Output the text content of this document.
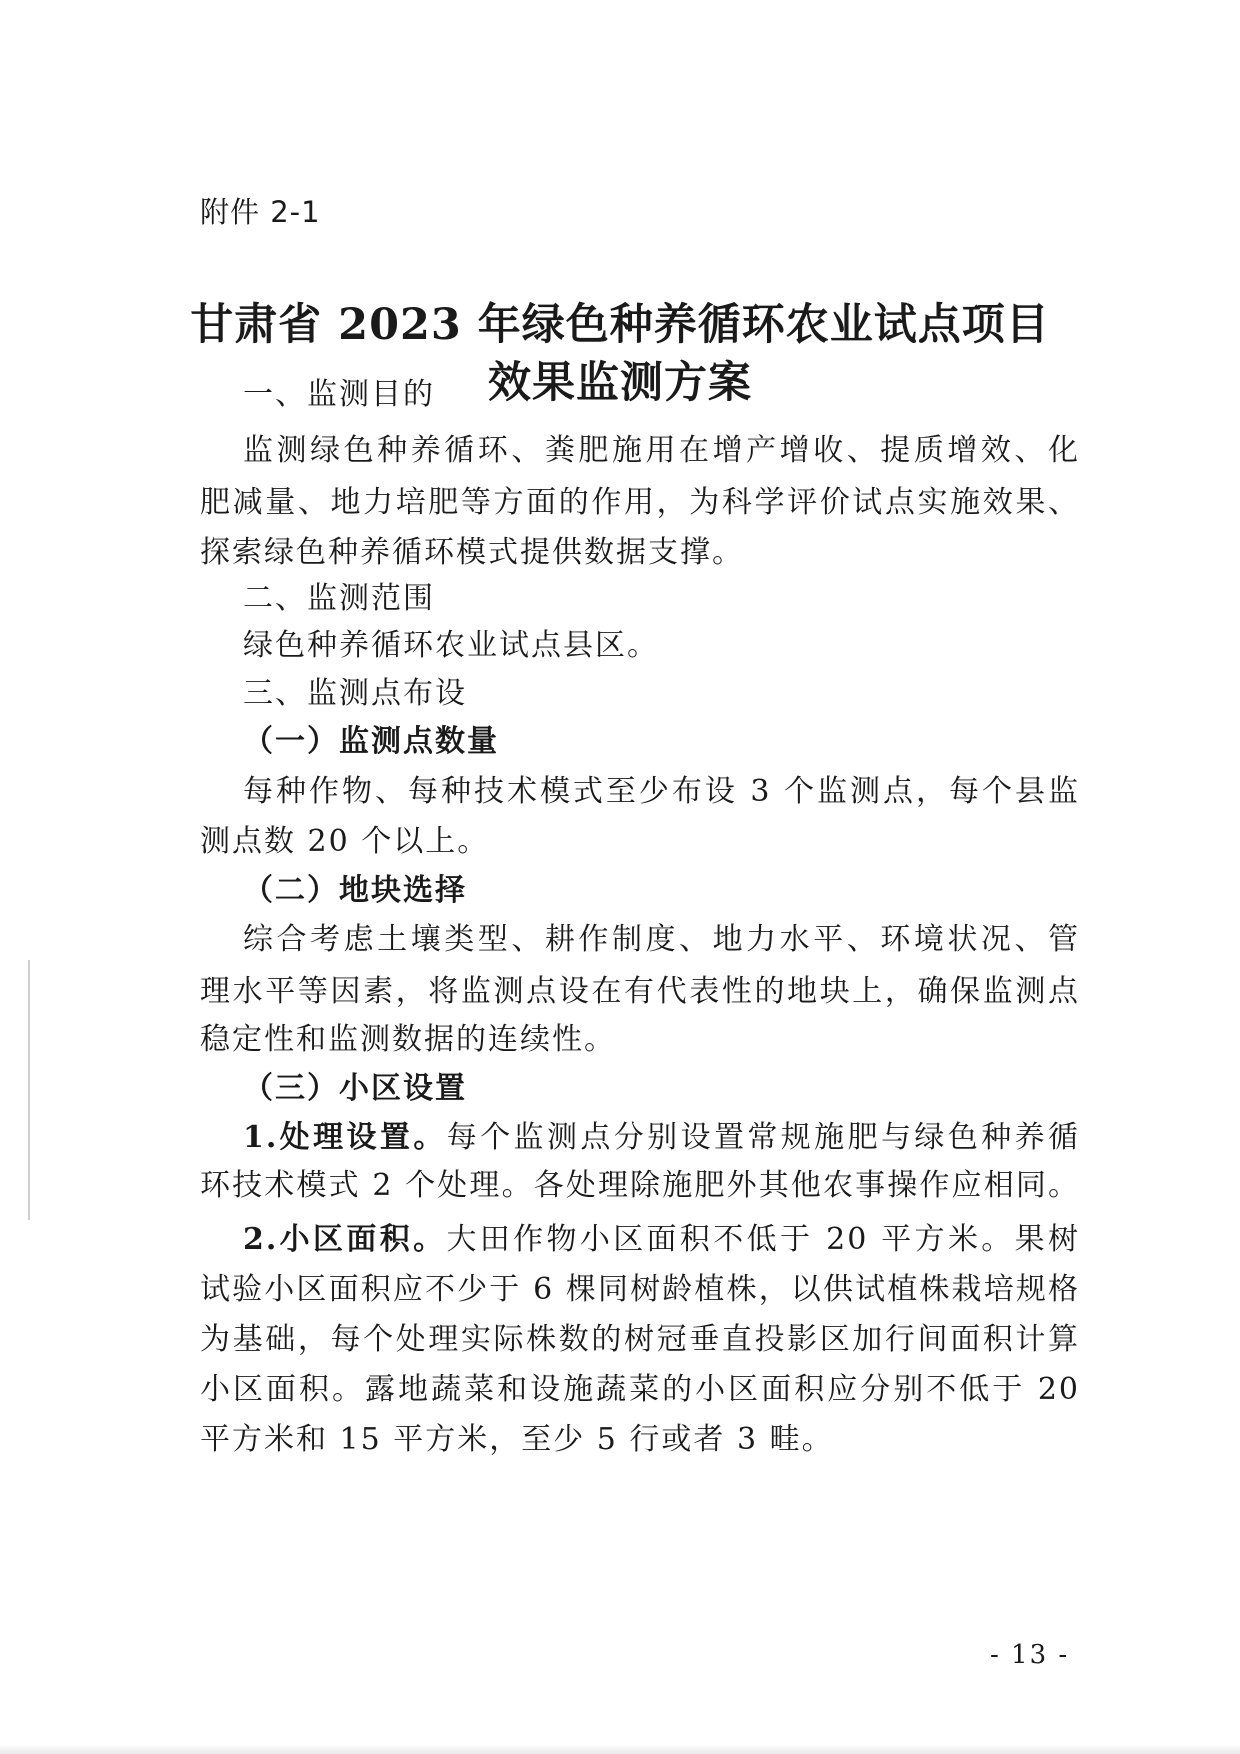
附件 2-1
甘肃省 2023 年绿色种养循环农业试点项目
效果监测方案
一、监测目的
监测绿色种养循环、粪肥施用在增产增收、提质增效、化
肥减量、地力培肥等方面的作用，为科学评价试点实施效果、
探索绿色种养循环模式提供数据支撑。
二、监测范围
绿色种养循环农业试点县区。
三、监测点布设
（一）监测点数量
每种作物、每种技术模式至少布设 3 个监测点，每个县监
测点数 20 个以上。
（二）地块选择
综合考虑土壤类型、耕作制度、地力水平、环境状况、管
理水平等因素，将监测点设在有代表性的地块上，确保监测点
稳定性和监测数据的连续性。
（三）小区设置
1.处理设置。每个监测点分别设置常规施肥与绿色种养循
环技术模式 2 个处理。各处理除施肥外其他农事操作应相同。
2.小区面积。大田作物小区面积不低于 20 平方米。果树
试验小区面积应不少于 6 棵同树龄植株，以供试植株栽培规格
为基础，每个处理实际株数的树冠垂直投影区加行间面积计算
小区面积。露地蔬菜和设施蔬菜的小区面积应分别不低于 20
平方米和 15 平方米，至少 5 行或者 3 畦。
- 13 -
